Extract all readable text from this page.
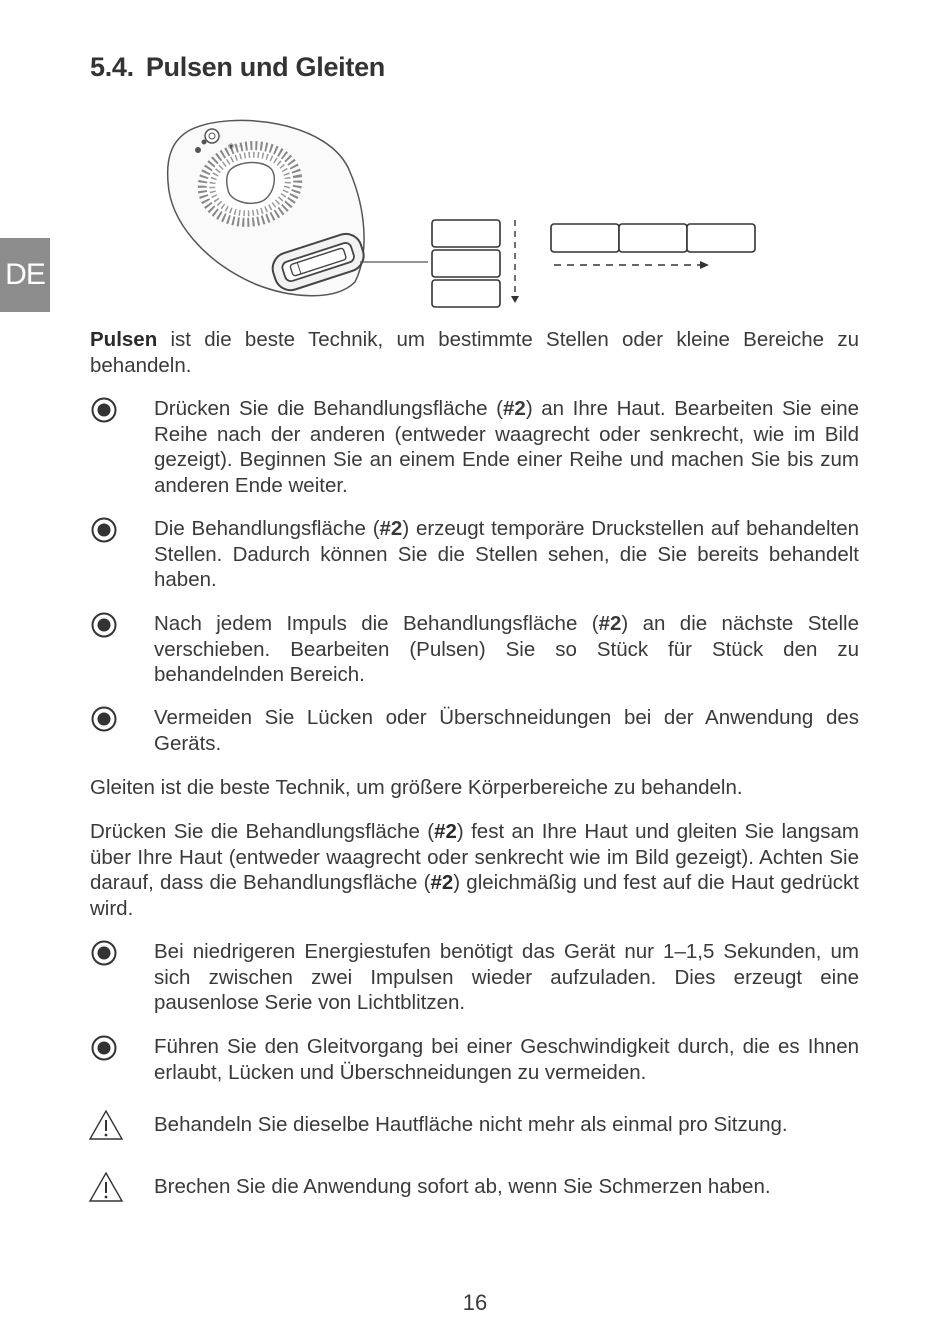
DE
5.4. Pulsen und Gleiten
◉ ···

Pulsen ist die beste Technik, um bestimmte Stellen oder kleine Bereiche zu behandeln.

Drücken Sie die Behandlungsfläche (#2) an Ihre Haut. Bearbeiten Sie eine Reihe nach der anderen (entweder waagrecht oder senkrecht, wie im Bild gezeigt). Beginnen Sie an einem Ende einer Reihe und machen Sie bis zum anderen Ende weiter.

Die Behandlungsfläche (#2) erzeugt temporäre Druckstellen auf behandelten Stellen. Dadurch können Sie die Stellen sehen, die Sie bereits behandelt haben.

Nach jedem Impuls die Behandlungsfläche (#2) an die nächste Stelle verschieben. Bearbeiten (Pulsen) Sie so Stück für Stück den zu behandelnden Bereich.

Vermeiden Sie Lücken oder Überschneidungen bei der Anwendung des Geräts.

Gleiten ist die beste Technik, um größere Körperbereiche zu behandeln.

Drücken Sie die Behandlungsfläche (#2) fest an Ihre Haut und gleiten Sie langsam über Ihre Haut (entweder waagrecht oder senkrecht wie im Bild gezeigt). Achten Sie darauf, dass die Behandlungsfläche (#2) gleichmäßig und fest auf die Haut gedrückt wird.

Bei niedrigeren Energiestufen benötigt das Gerät nur 1–1,5 Sekunden, um sich zwischen zwei Impulsen wieder aufzuladen. Dies erzeugt eine pausenlose Serie von Lichtblitzen.

Führen Sie den Gleitvorgang bei einer Geschwindigkeit durch, die es Ihnen erlaubt, Lücken und Überschneidungen zu vermeiden.

Behandeln Sie dieselbe Hautfläche nicht mehr als einmal pro Sitzung.

Brechen Sie die Anwendung sofort ab, wenn Sie Schmerzen haben.

16
